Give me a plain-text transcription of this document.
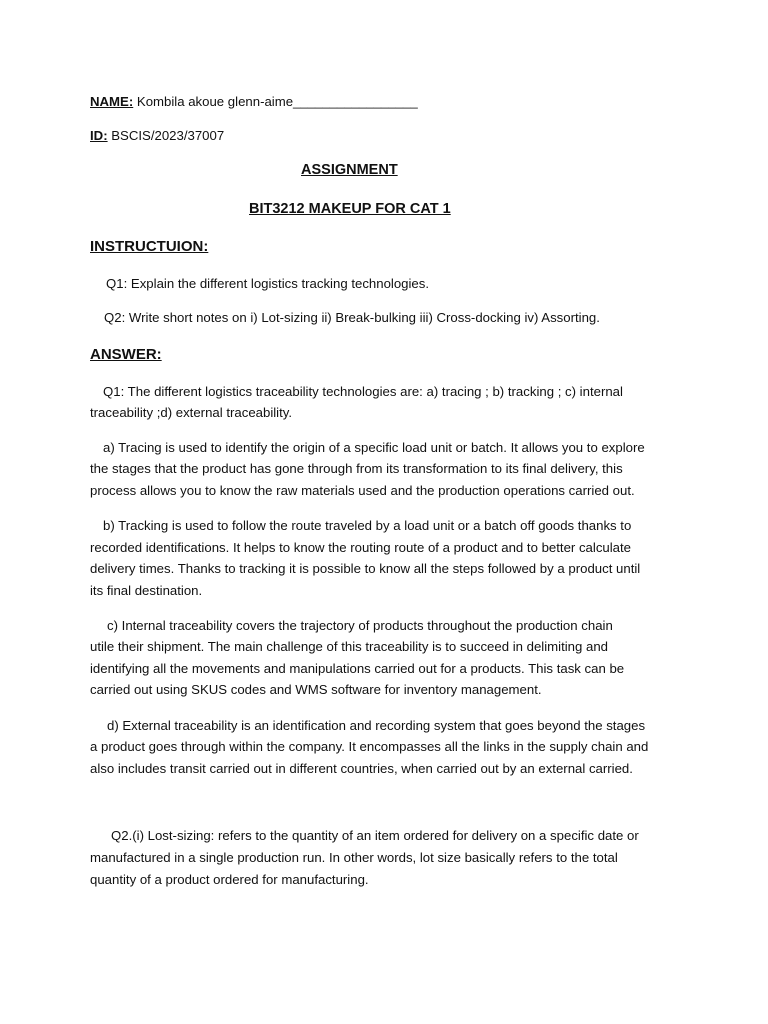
NAME: Kombila akoue glenn-aime_________________
ID: BSCIS/2023/37007
ASSIGNMENT
BIT3212 MAKEUP FOR CAT 1
INSTRUCTUION:
Q1: Explain the different logistics tracking technologies.
Q2: Write short notes on i) Lot-sizing ii) Break-bulking iii) Cross-docking iv) Assorting.
ANSWER:
Q1: The different logistics traceability technologies are: a) tracing ; b) tracking ; c) internal
traceability ;d) external traceability.
a) Tracing is used to identify the origin of a specific load unit or batch. It allows you to explore
the stages that the product has gone through from its transformation to its final delivery, this
process allows you to know the raw materials used and the production operations carried out.
b) Tracking is used to follow the route traveled by a load unit or a batch off goods thanks to
recorded identifications. It helps to know the routing route of a product and to better calculate
delivery times. Thanks to tracking it is possible to know all the steps followed by a product until
its final destination.
c) Internal traceability covers the trajectory of products throughout the production chain
utile their shipment. The main challenge of this traceability is to succeed in delimiting and
identifying all the movements and manipulations carried out for a products. This task can be
carried out using SKUS codes and WMS software for inventory management.
d) External traceability is an identification and recording system that goes beyond the stages
a product goes through within the company. It encompasses all the links in the supply chain and
also includes transit carried out in different countries, when carried out by an external carried.
Q2.(i) Lost-sizing: refers to the quantity of an item ordered for delivery on a specific date or
manufactured in a single production run. In other words, lot size basically refers to the total
quantity of a product ordered for manufacturing.
